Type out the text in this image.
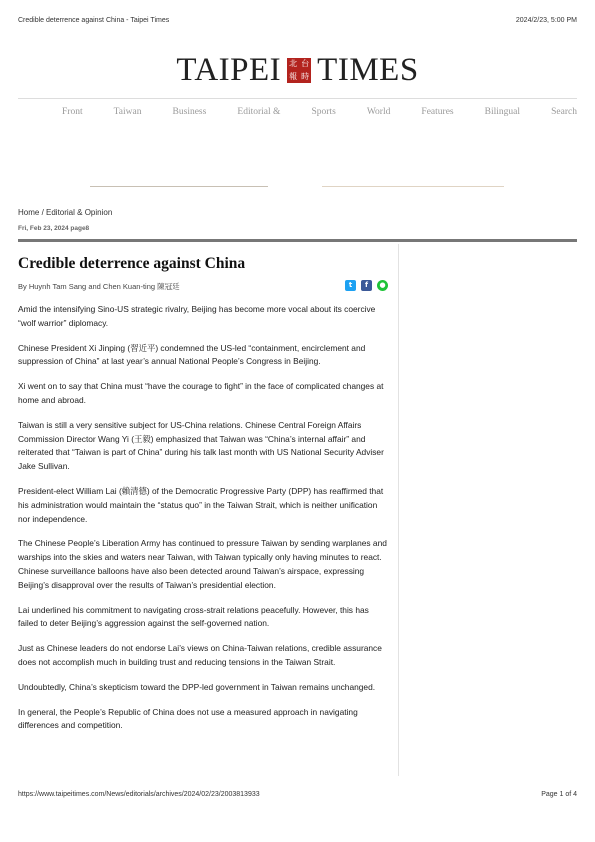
Credible deterrence against China - Taipei Times	2024/2/23, 5:00 PM
TAIPEI 北 台
報 時 TIMES
Front	Taiwan	Business	Editorial &	Sports	World	Features	Bilingual	Search
Home / Editorial & Opinion
Fri, Feb 23, 2024 page8
Credible deterrence against China
By Huynh Tam Sang and Chen Kuan-ting 陳冠廷	t	f	●

Amid the intensifying Sino-US strategic rivalry, Beijing has become more vocal about its coercive “wolf warrior” diplomacy.

Chinese President Xi Jinping (習近平) condemned the US-led “containment, encirclement and suppression of China” at last year’s annual National People’s Congress in Beijing.

Xi went on to say that China must “have the courage to fight” in the face of complicated changes at home and abroad.

Taiwan is still a very sensitive subject for US-China relations. Chinese Central Foreign Affairs Commission Director Wang Yi (王毅) emphasized that Taiwan was “China’s internal affair” and reiterated that “Taiwan is part of China” during his talk last month with US National Security Adviser Jake Sullivan.

President-elect William Lai (賴清德) of the Democratic Progressive Party (DPP) has reaffirmed that his administration would maintain the “status quo” in the Taiwan Strait, which is neither unification nor independence.

The Chinese People’s Liberation Army has continued to pressure Taiwan by sending warplanes and warships into the skies and waters near Taiwan, with Taiwan typically only having minutes to react. Chinese surveillance balloons have also been detected around Taiwan’s airspace, expressing Beijing’s disapproval over the results of Taiwan’s presidential election.

Lai underlined his commitment to navigating cross-strait relations peacefully. However, this has failed to deter Beijing’s aggression against the self-governed nation.

Just as Chinese leaders do not endorse Lai’s views on China-Taiwan relations, credible assurance does not accomplish much in building trust and reducing tensions in the Taiwan Strait.

Undoubtedly, China’s skepticism toward the DPP-led government in Taiwan remains unchanged.

In general, the People’s Republic of China does not use a measured approach in navigating differences and competition.

https://www.taipeitimes.com/News/editorials/archives/2024/02/23/2003813933	Page 1 of 4
